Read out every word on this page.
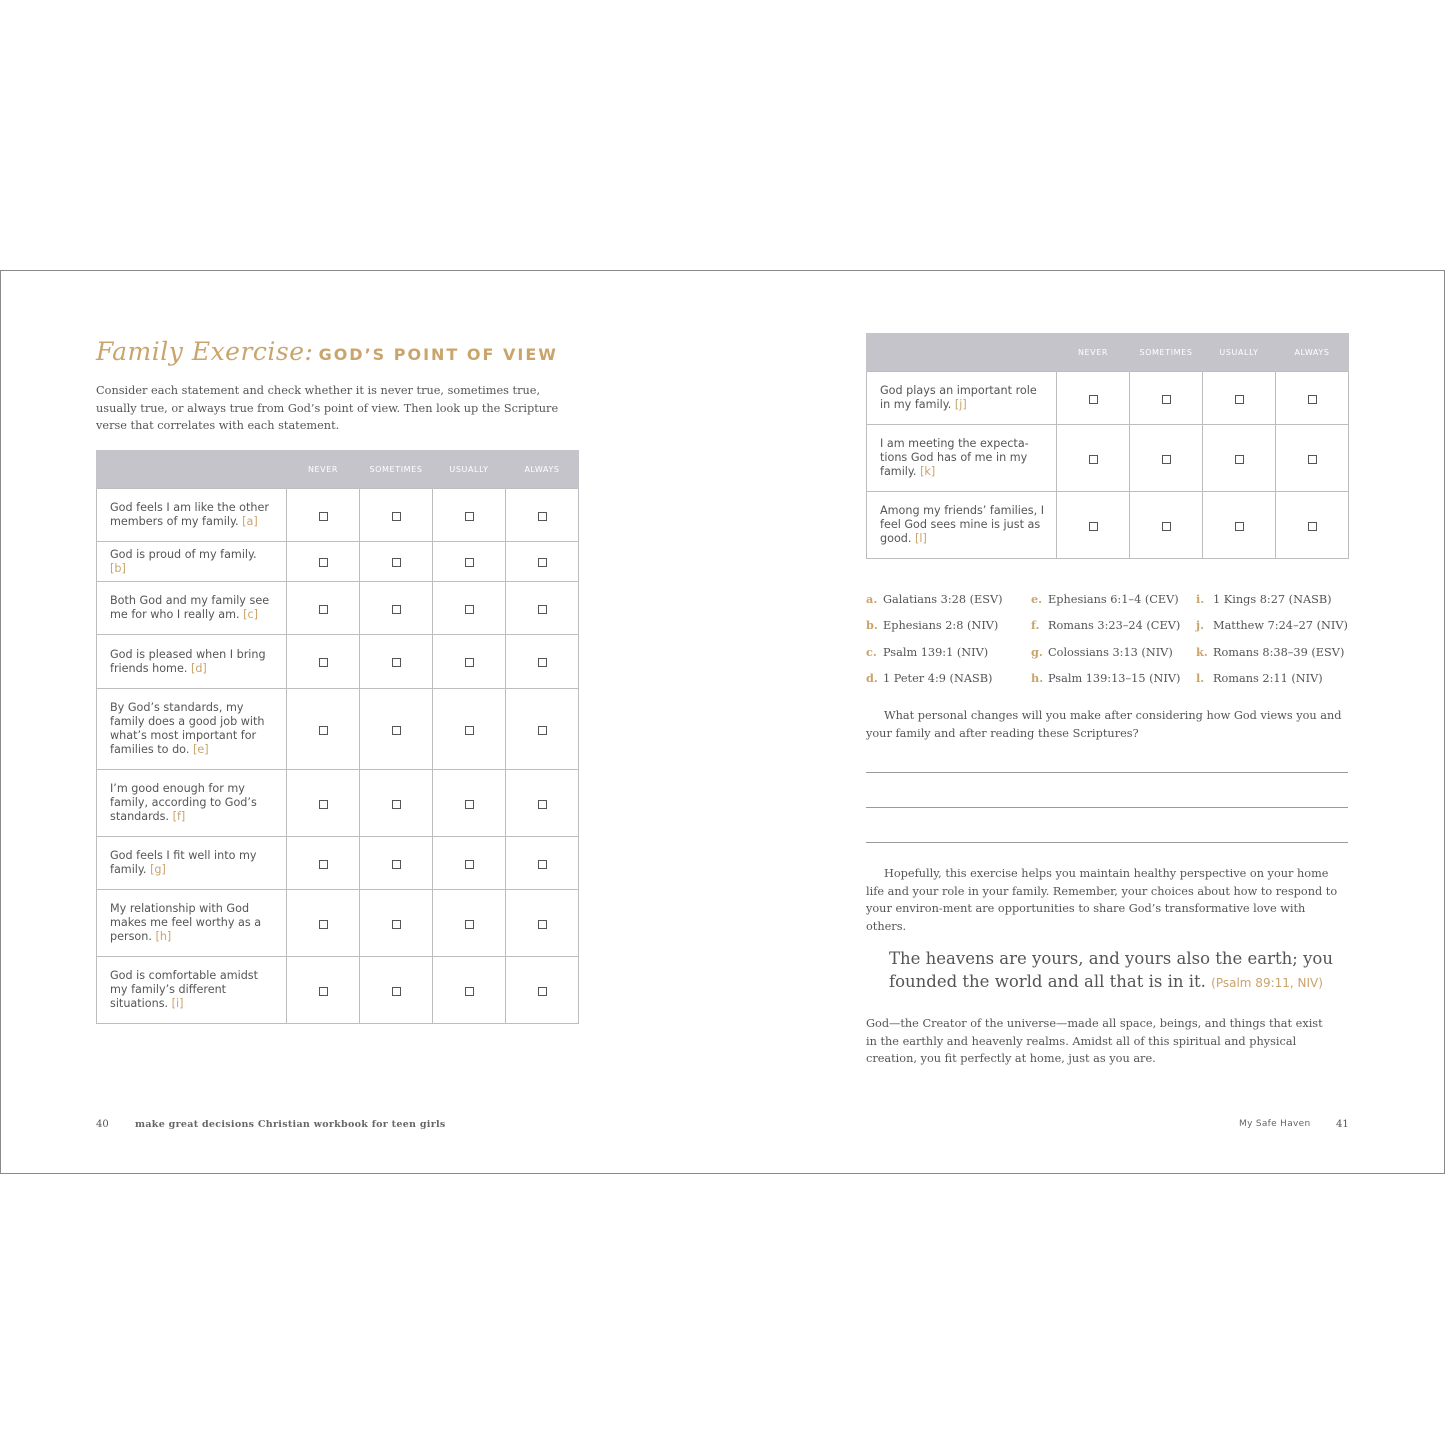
Family Exercise: GOD’S POINT OF VIEW
Consider each statement and check whether it is never true, sometimes true, usually true, or always true from God’s point of view. Then look up the Scripture verse that correlates with each statement.
	NEVER	SOMETIMES	USUALLY	ALWAYS
God feels I am like the other members of my family. [a]				
God is proud of my family. [b]				
Both God and my family see me for who I really am. [c]				
God is pleased when I bring friends home. [d]				
By God’s standards, my family does a good job with what’s most important for families to do. [e]				
I’m good enough for my family, according to God’s standards. [f]				
God feels I fit well into my family. [g]				
My relationship with God makes me feel worthy as a person. [h]				
God is comfortable amidst my family’s different situations. [i]				
	NEVER	SOMETIMES	USUALLY	ALWAYS
God plays an important role in my family. [j]				
I am meeting the expecta-tions God has of me in my family. [k]				
Among my friends’ families, I feel God sees mine is just as good. [l]				
a. Galatians 3:28 (ESV)
b. Ephesians 2:8 (NIV)
c. Psalm 139:1 (NIV)
d. 1 Peter 4:9 (NASB)
e. Ephesians 6:1–4 (CEV)
f. Romans 3:23–24 (CEV)
g. Colossians 3:13 (NIV)
h. Psalm 139:13–15 (NIV)
i. 1 Kings 8:27 (NASB)
j. Matthew 7:24–27 (NIV)
k. Romans 8:38–39 (ESV)
l. Romans 2:11 (NIV)
What personal changes will you make after considering how God views you and your family and after reading these Scriptures?
Hopefully, this exercise helps you maintain healthy perspective on your home life and your role in your family. Remember, your choices about how to respond to your environ-ment are opportunities to share God’s transformative love with others.
The heavens are yours, and yours also the earth; you founded the world and all that is in it. (Psalm 89:11, NIV)
God—the Creator of the universe—made all space, beings, and things that exist in the earthly and heavenly realms. Amidst all of this spiritual and physical creation, you fit perfectly at home, just as you are.
40	make great decisions Christian workbook for teen girls	My Safe Haven	41
